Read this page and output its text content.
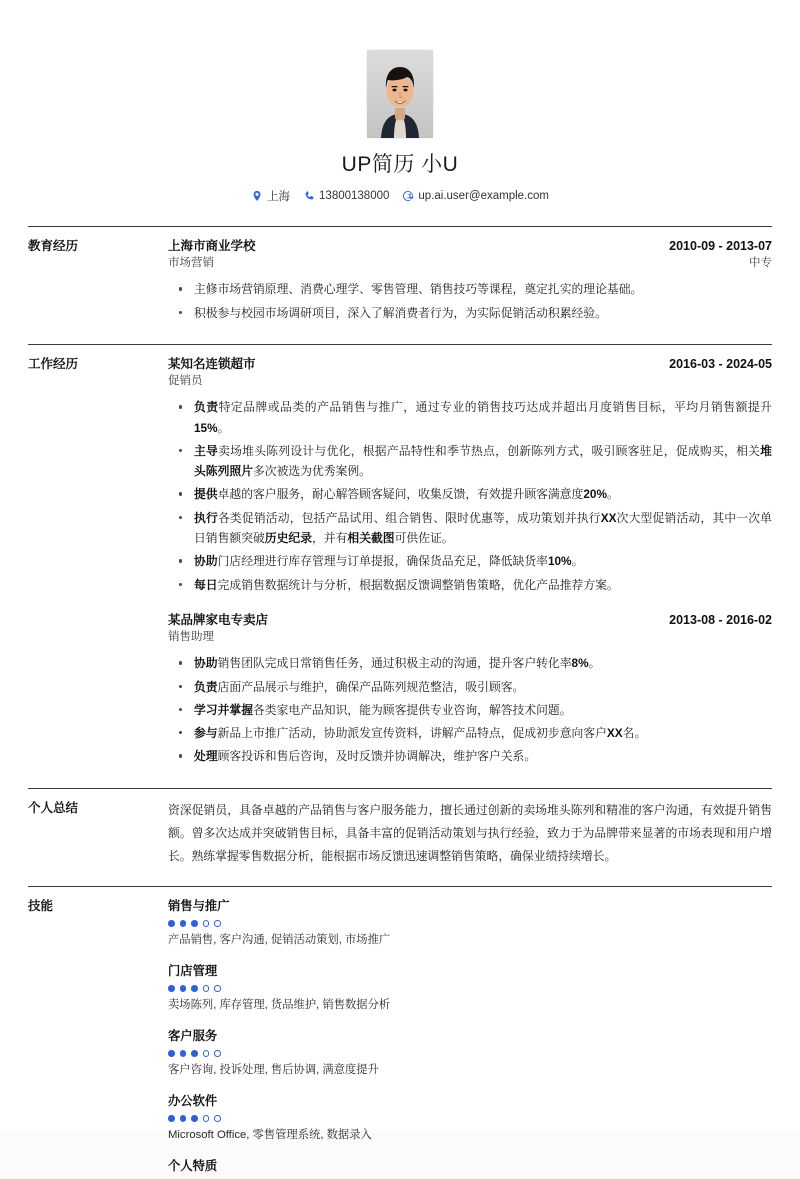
UP简历 小U
上海	13800138000	up.ai.user@example.com
教育经历	上海市商业学校	2010-09 - 2013-07
市场营销	中专
主修市场营销原理、消费心理学、零售管理、销售技巧等课程，奠定扎实的理论基础。
积极参与校园市场调研项目，深入了解消费者行为，为实际促销活动积累经验。
工作经历	某知名连锁超市	2016-03 - 2024-05
促销员
负责特定品牌或品类的产品销售与推广，通过专业的销售技巧达成并超出月度销售目标，平均月销售额提升15%。
主导卖场堆头陈列设计与优化，根据产品特性和季节热点，创新陈列方式，吸引顾客驻足，促成购买，相关堆头陈列照片多次被选为优秀案例。
提供卓越的客户服务，耐心解答顾客疑问，收集反馈，有效提升顾客满意度20%。
执行各类促销活动，包括产品试用、组合销售、限时优惠等，成功策划并执行XX次大型促销活动，其中一次单日销售额突破历史纪录，并有相关截图可供佐证。
协助门店经理进行库存管理与订单提报，确保货品充足，降低缺货率10%。
每日完成销售数据统计与分析，根据数据反馈调整销售策略，优化产品推荐方案。
某品牌家电专卖店	2013-08 - 2016-02
销售助理
协助销售团队完成日常销售任务，通过积极主动的沟通，提升客户转化率8%。
负责店面产品展示与维护，确保产品陈列规范整洁，吸引顾客。
学习并掌握各类家电产品知识，能为顾客提供专业咨询，解答技术问题。
参与新品上市推广活动，协助派发宣传资料，讲解产品特点，促成初步意向客户XX名。
处理顾客投诉和售后咨询，及时反馈并协调解决，维护客户关系。
个人总结	资深促销员，具备卓越的产品销售与客户服务能力，擅长通过创新的卖场堆头陈列和精准的客户沟通，有效提升销售额。曾多次达成并突破销售目标，具备丰富的促销活动策划与执行经验，致力于为品牌带来显著的市场表现和用户增长。熟练掌握零售数据分析，能根据市场反馈迅速调整销售策略，确保业绩持续增长。
技能	销售与推广
产品销售, 客户沟通, 促销活动策划, 市场推广
门店管理
卖场陈列, 库存管理, 货品维护, 销售数据分析
客户服务
客户咨询, 投诉处理, 售后协调, 满意度提升
办公软件
Microsoft Office, 零售管理系统, 数据录入
个人特质
